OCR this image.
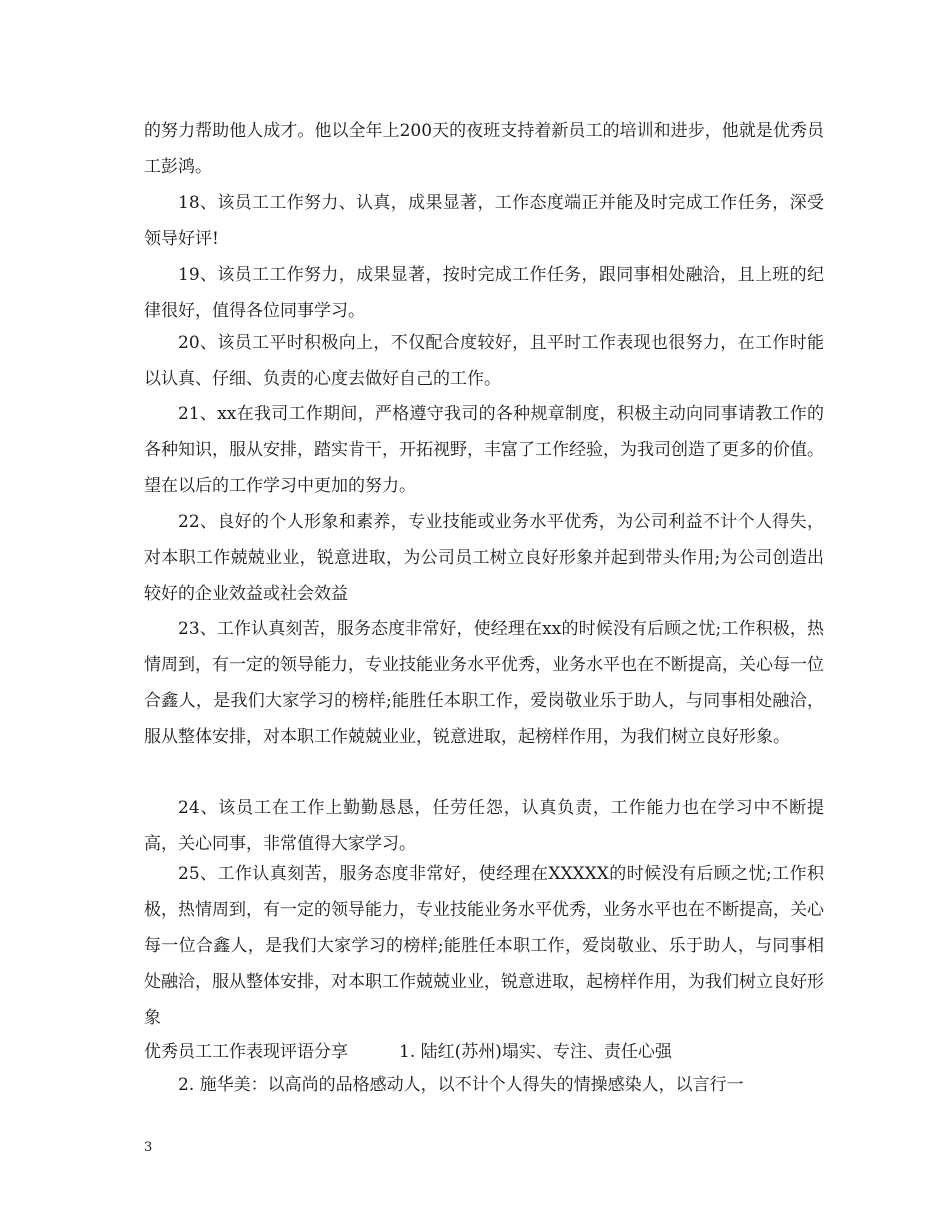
的努力帮助他人成才。他以全年上200天的夜班支持着新员工的培训和进步，他就是优秀员工彭鸿。

18、该员工工作努力、认真，成果显著，工作态度端正并能及时完成工作任务，深受领导好评!

19、该员工工作努力，成果显著，按时完成工作任务，跟同事相处融洽，且上班的纪律很好，值得各位同事学习。

20、该员工平时积极向上，不仅配合度较好，且平时工作表现也很努力，在工作时能以认真、仔细、负责的心度去做好自己的工作。

21、xx在我司工作期间，严格遵守我司的各种规章制度，积极主动向同事请教工作的各种知识，服从安排，踏实肯干，开拓视野，丰富了工作经验，为我司创造了更多的价值。望在以后的工作学习中更加的努力。

22、良好的个人形象和素养，专业技能或业务水平优秀，为公司利益不计个人得失，对本职工作兢兢业业，锐意进取，为公司员工树立良好形象并起到带头作用;为公司创造出较好的企业效益或社会效益

23、工作认真刻苦，服务态度非常好，使经理在xx的时候没有后顾之忧;工作积极，热情周到，有一定的领导能力，专业技能业务水平优秀，业务水平也在不断提高，关心每一位合鑫人，是我们大家学习的榜样;能胜任本职工作，爱岗敬业乐于助人，与同事相处融洽，服从整体安排，对本职工作兢兢业业，锐意进取，起榜样作用，为我们树立良好形象。

24、该员工在工作上勤勤恳恳，任劳任怨，认真负责，工作能力也在学习中不断提高，关心同事，非常值得大家学习。

25、工作认真刻苦，服务态度非常好，使经理在XXXXX的时候没有后顾之忧;工作积极，热情周到，有一定的领导能力，专业技能业务水平优秀，业务水平也在不断提高，关心每一位合鑫人，是我们大家学习的榜样;能胜任本职工作，爱岗敬业、乐于助人，与同事相处融洽，服从整体安排，对本职工作兢兢业业，锐意进取，起榜样作用，为我们树立良好形象

优秀员工工作表现评语分享　　　1. 陆红(苏州)塌实、专注、责任心强

2. 施华美：以高尚的品格感动人，以不计个人得失的情操感染人，以言行一

3
